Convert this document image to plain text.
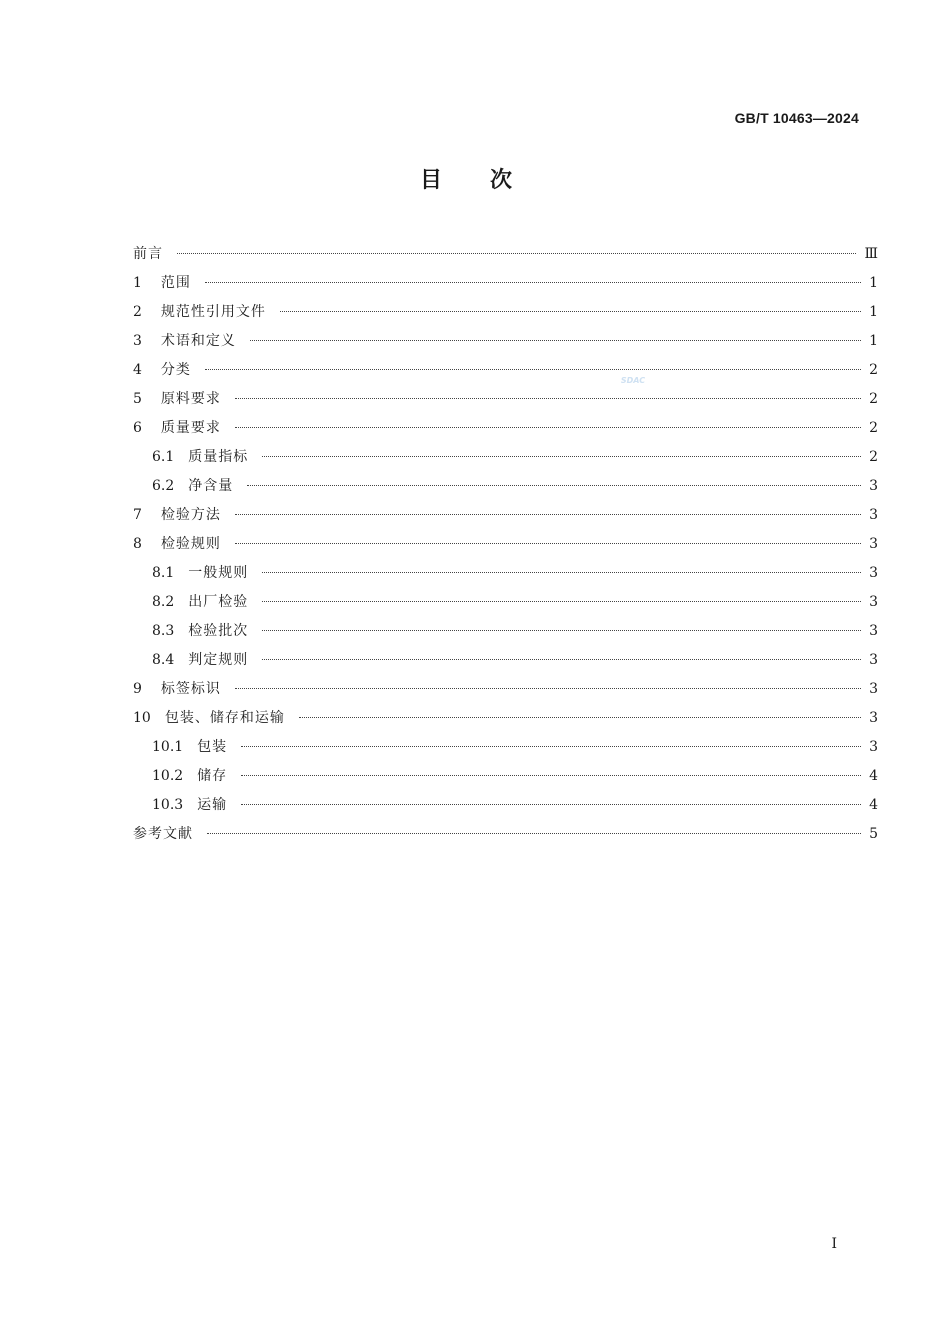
GB/T 10463—2024
目次
SDAC
前言	Ⅲ
1 范围	1
2 规范性引用文件	1
3 术语和定义	1
4 分类	2
5 原料要求	2
6 质量要求	2
6.1 质量指标	2
6.2 净含量	3
7 检验方法	3
8 检验规则	3
8.1 一般规则	3
8.2 出厂检验	3
8.3 检验批次	3
8.4 判定规则	3
9 标签标识	3
10 包装、储存和运输	3
10.1 包装	3
10.2 储存	4
10.3 运输	4
参考文献	5
I
